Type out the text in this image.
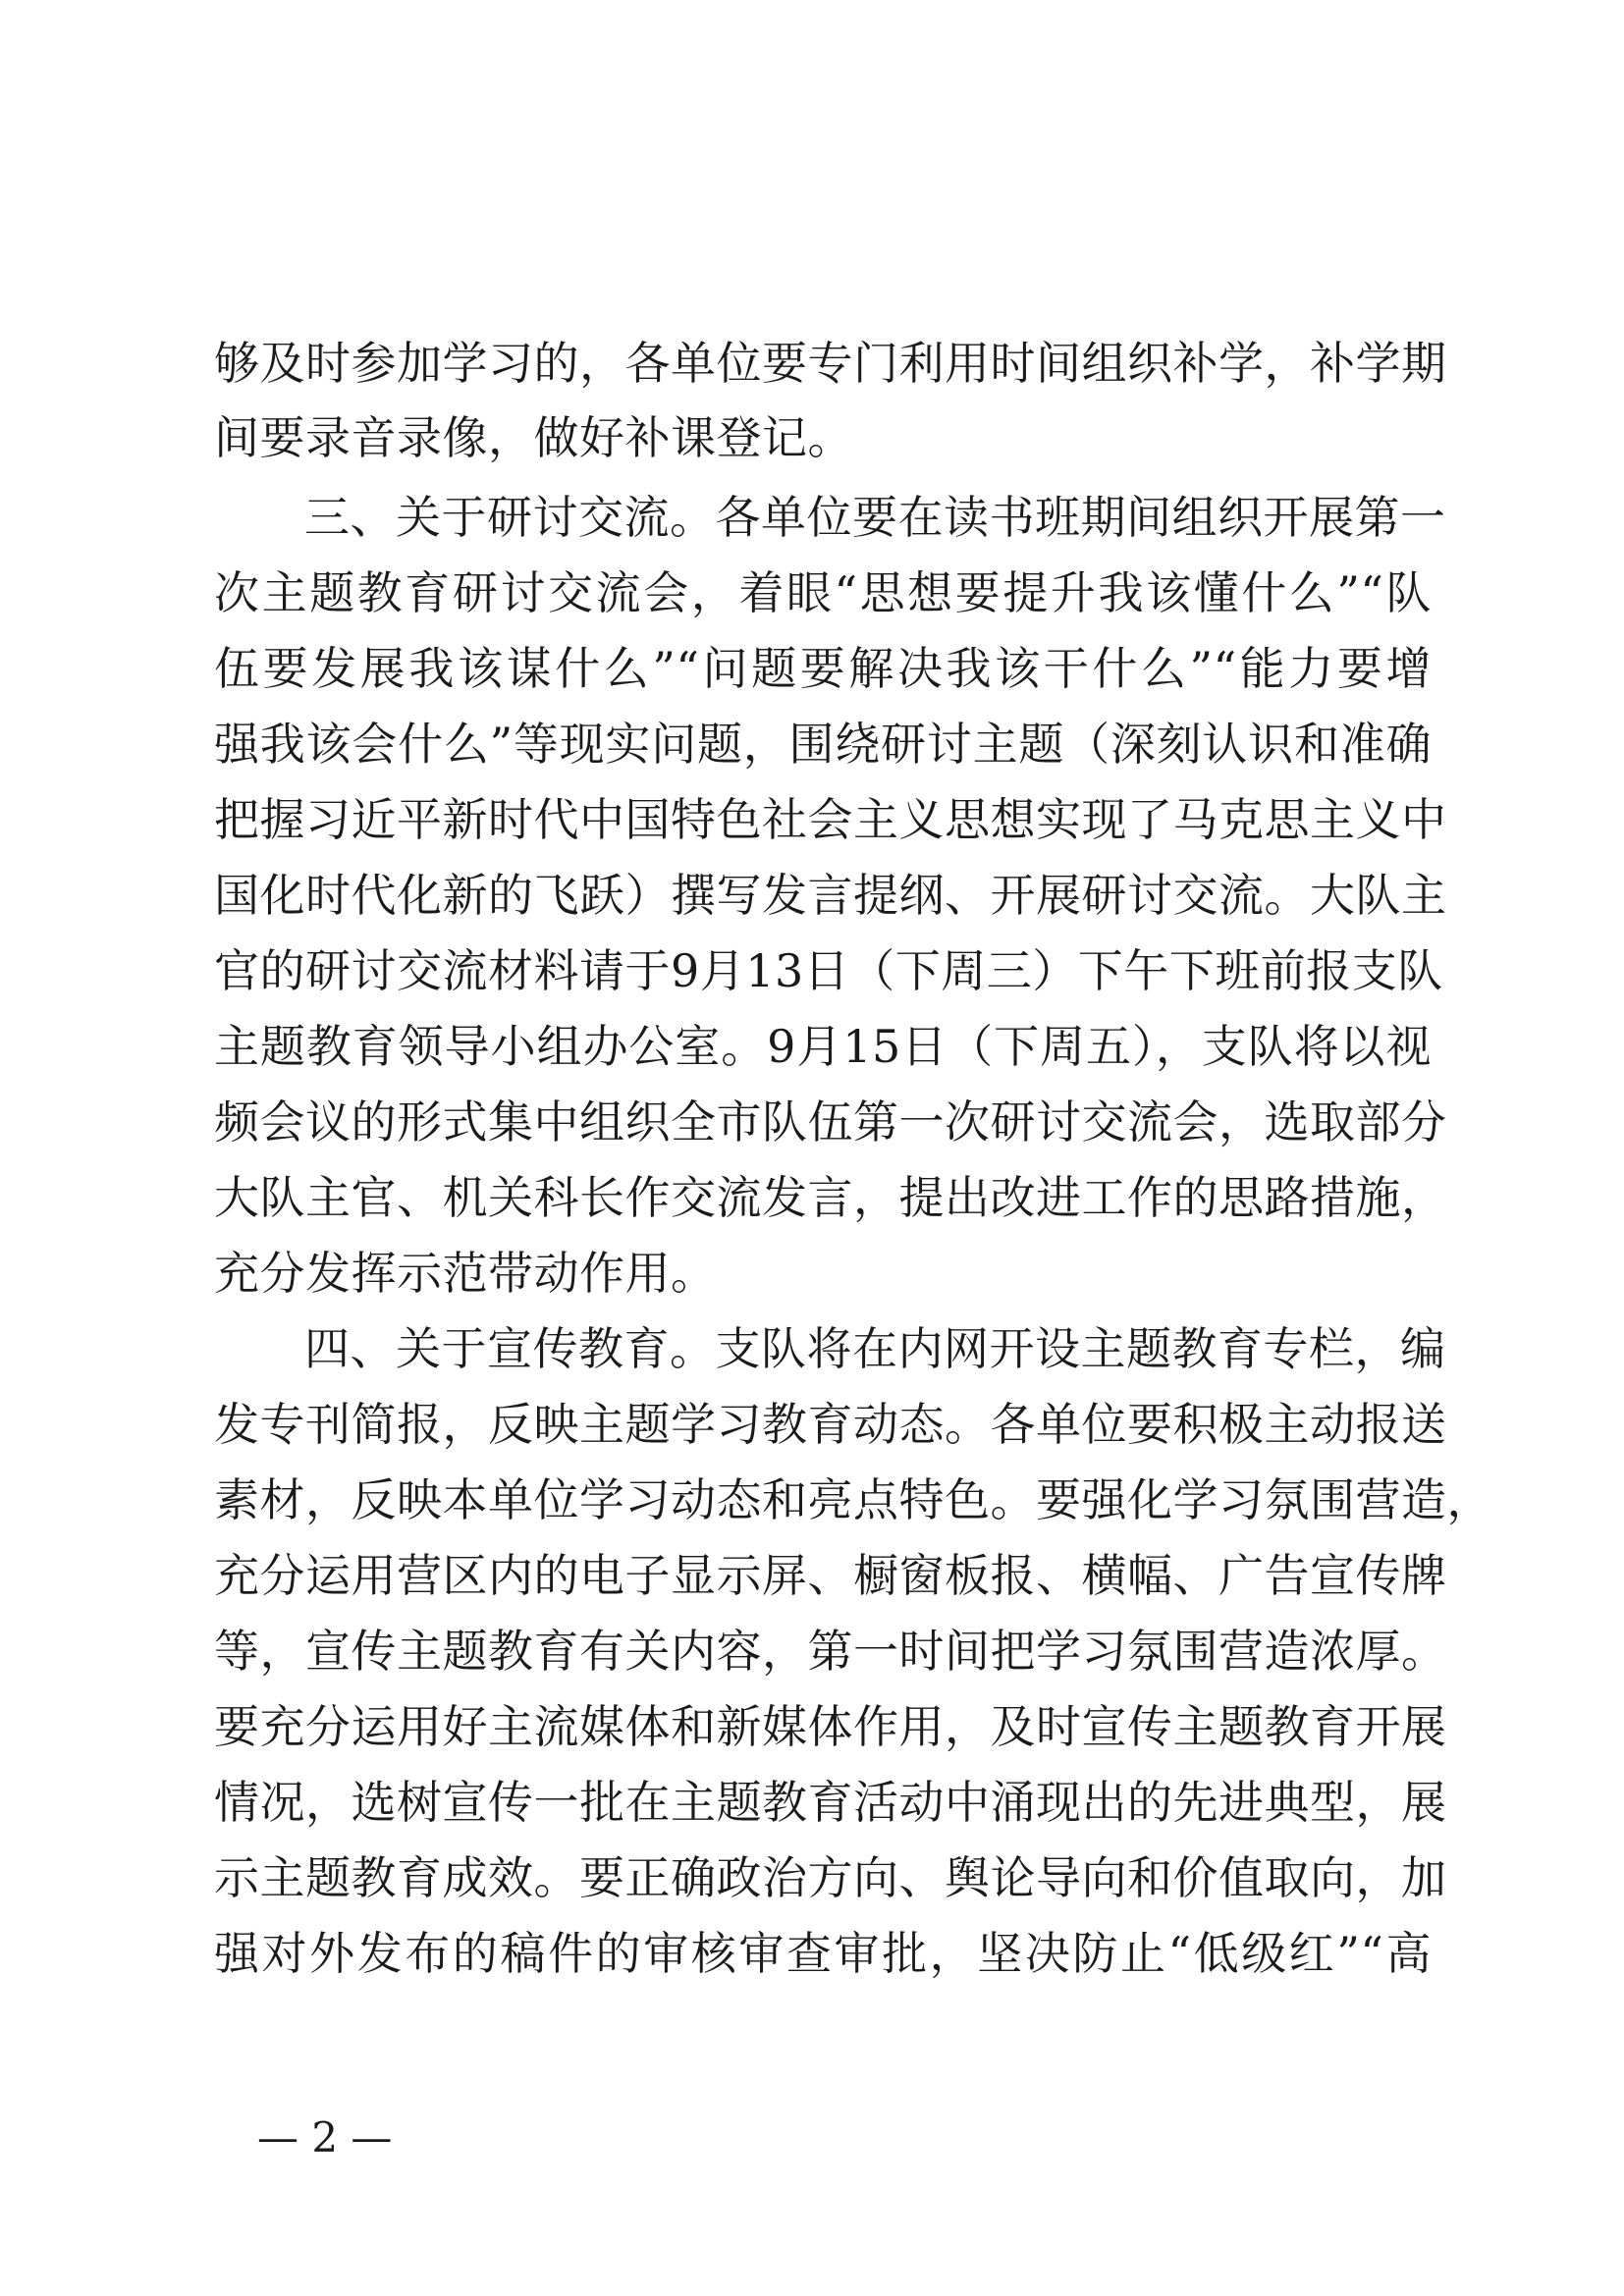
够及时参加学习的，各单位要专门利用时间组织补学，补学期
间要录音录像，做好补课登记。
三、关于研讨交流。各单位要在读书班期间组织开展第一
次主题教育研讨交流会，着眼“思想要提升我该懂什么”“队
伍要发展我该谋什么”“问题要解决我该干什么”“能力要增
强我该会什么”等现实问题，围绕研讨主题（深刻认识和准确
把握习近平新时代中国特色社会主义思想实现了马克思主义中
国化时代化新的飞跃）撰写发言提纲、开展研讨交流。大队主
官的研讨交流材料请于9月13日（下周三）下午下班前报支队
主题教育领导小组办公室。9月15日（下周五），支队将以视
频会议的形式集中组织全市队伍第一次研讨交流会，选取部分
大队主官、机关科长作交流发言，提出改进工作的思路措施，
充分发挥示范带动作用。
四、关于宣传教育。支队将在内网开设主题教育专栏，编
发专刊简报，反映主题学习教育动态。各单位要积极主动报送
素材，反映本单位学习动态和亮点特色。要强化学习氛围营造，
充分运用营区内的电子显示屏、橱窗板报、横幅、广告宣传牌
等，宣传主题教育有关内容，第一时间把学习氛围营造浓厚。
要充分运用好主流媒体和新媒体作用，及时宣传主题教育开展
情况，选树宣传一批在主题教育活动中涌现出的先进典型，展
示主题教育成效。要正确政治方向、舆论导向和价值取向，加
强对外发布的稿件的审核审查审批，坚决防止“低级红”“高
— 2 —
